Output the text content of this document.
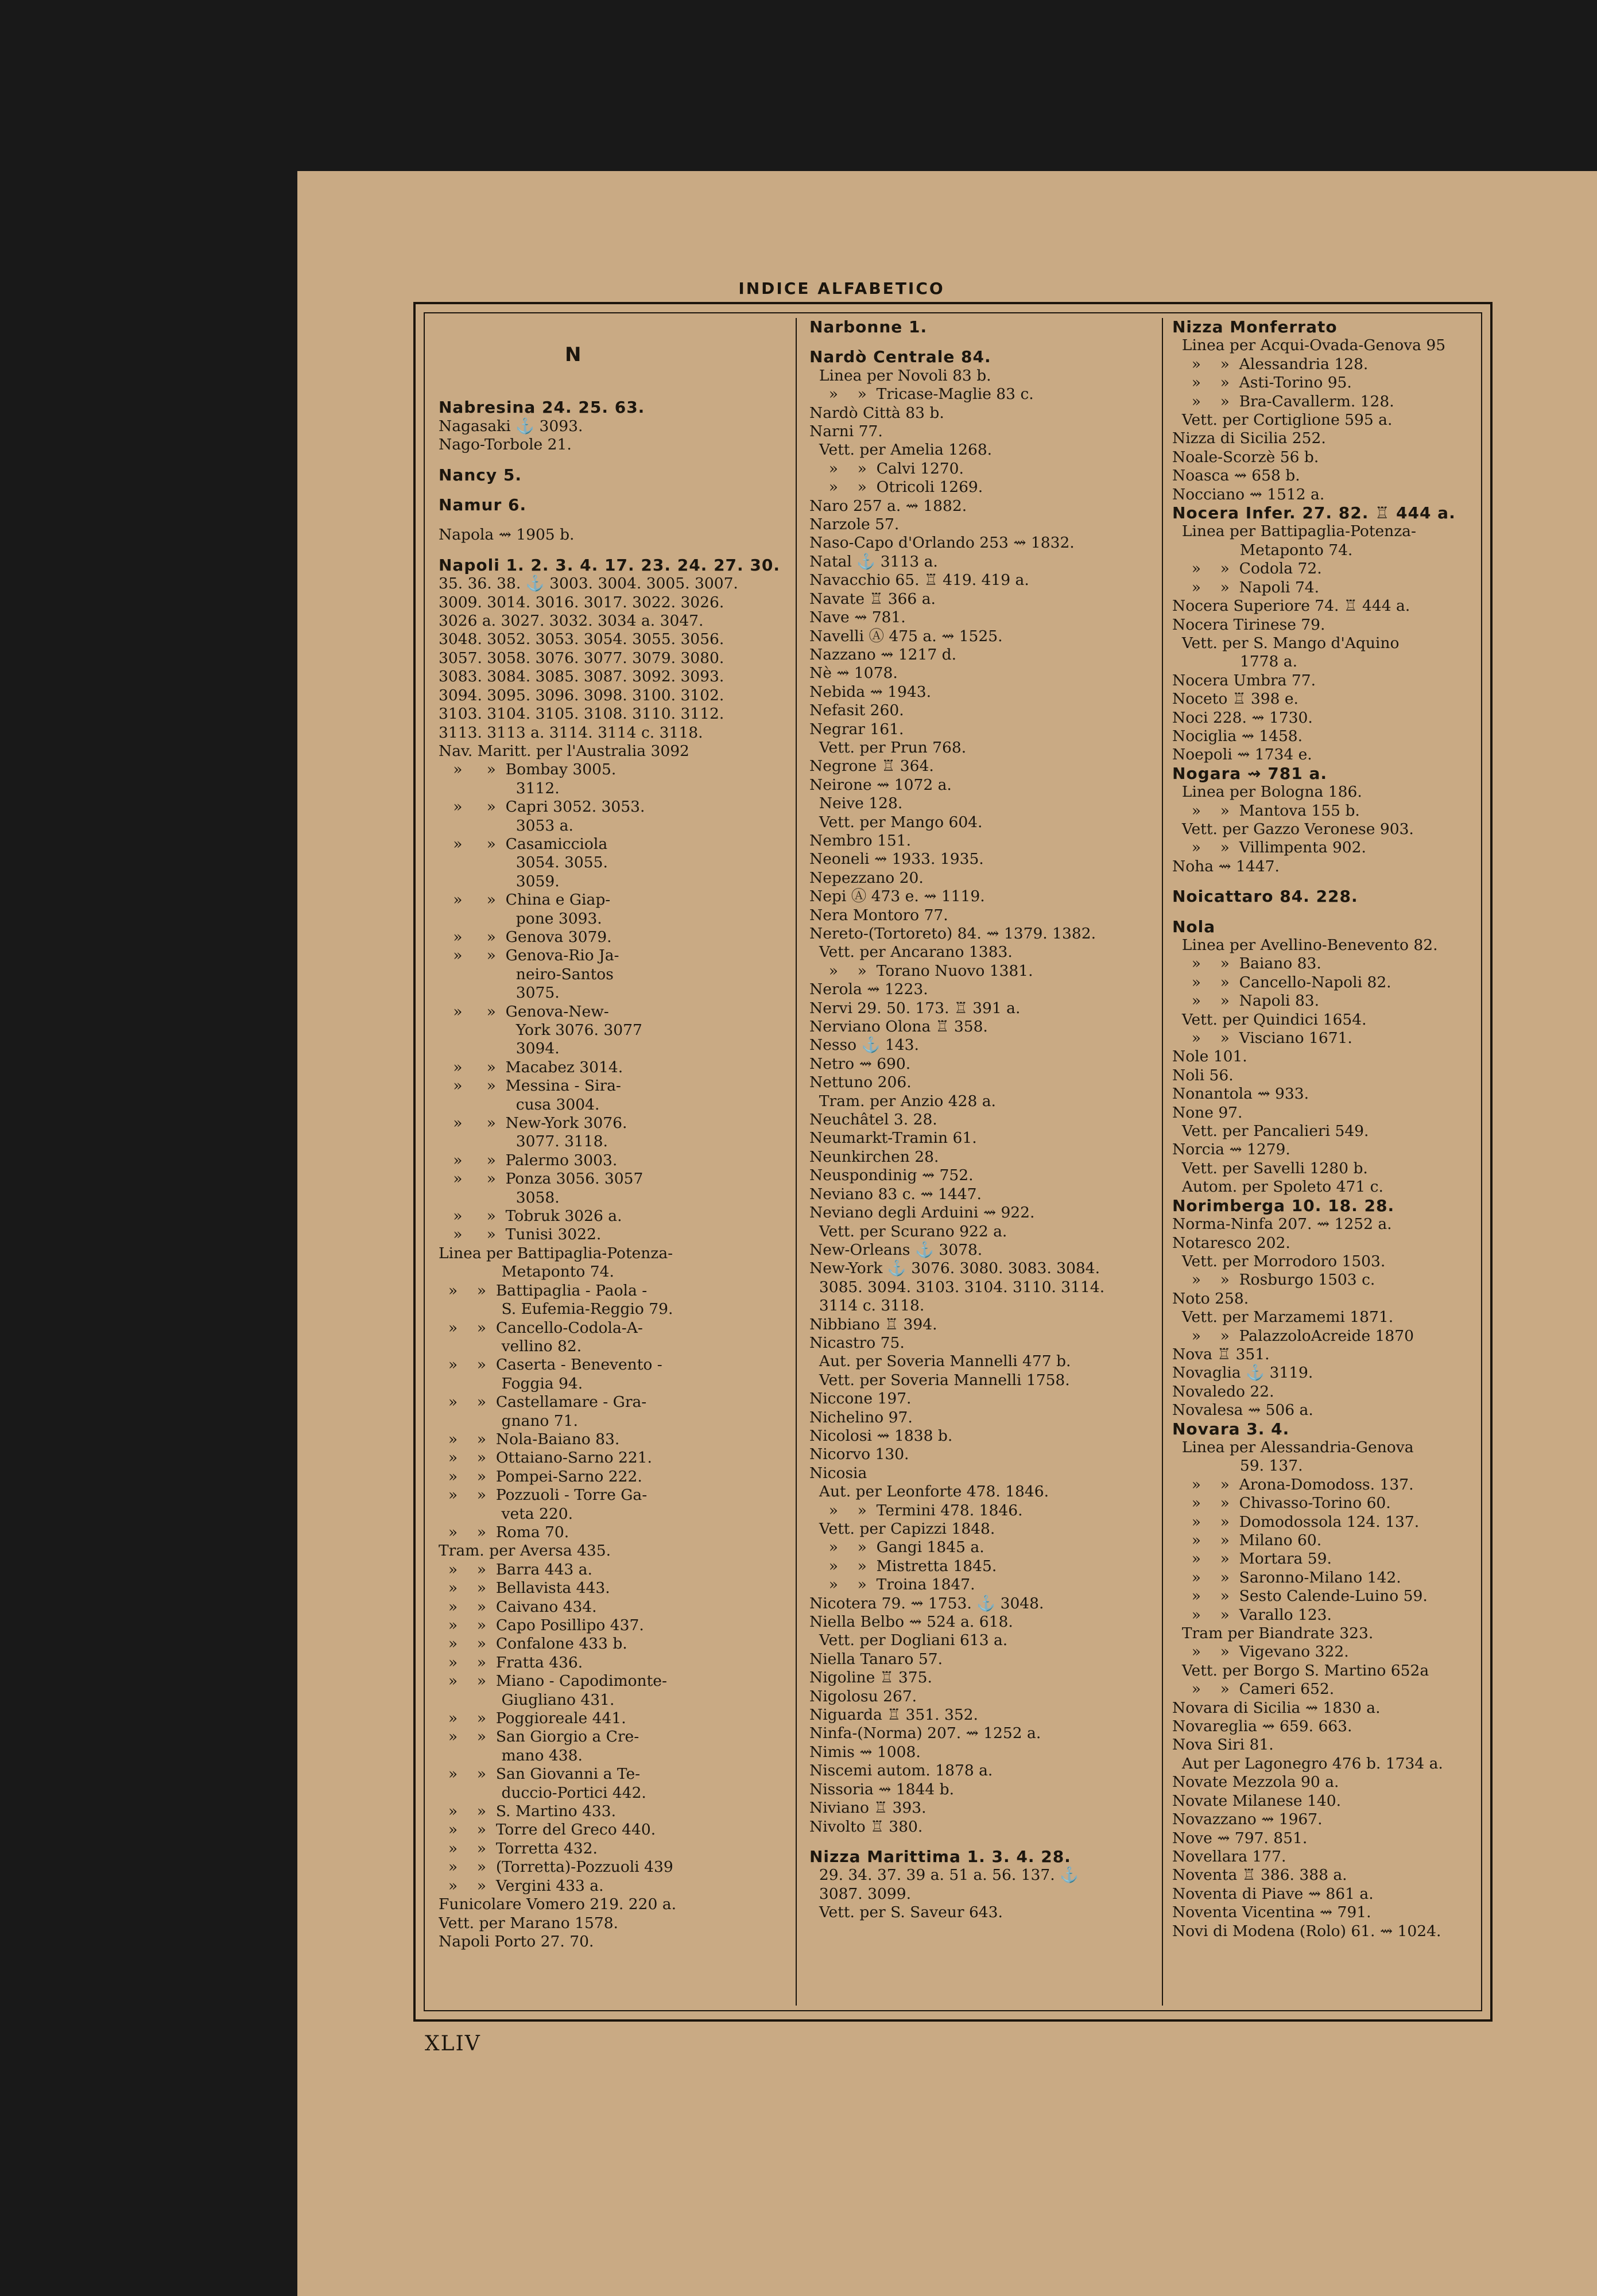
INDICE ALFABETICO
N
Nabresina 24. 25. 63.
Nagasaki ⚓ 3093.
Nago-Torbole 21.
Nancy 5.
Namur 6.
Napola ⇝ 1905 b.
Napoli 1. 2. 3. 4. 17. 23. 24. 27. 30.
35. 36. 38. ⚓ 3003. 3004. 3005. 3007.
3009. 3014. 3016. 3017. 3022. 3026.
3026 a. 3027. 3032. 3034 a. 3047.
3048. 3052. 3053. 3054. 3055. 3056.
3057. 3058. 3076. 3077. 3079. 3080.
3083. 3084. 3085. 3087. 3092. 3093.
3094. 3095. 3096. 3098. 3100. 3102.
3103. 3104. 3105. 3108. 3110. 3112.
3113. 3113 a. 3114. 3114 c. 3118.
Nav. Maritt. per l'Australia 3092
»     »  Bombay 3005.
3112.
»     »  Capri 3052. 3053.
3053 a.
»     »  Casamicciola
3054. 3055.
3059.
»     »  China e Giap-
pone 3093.
»     »  Genova 3079.
»     »  Genova-Rio Ja-
neiro-Santos
3075.
»     »  Genova-New-
York 3076. 3077
3094.
»     »  Macabez 3014.
»     »  Messina - Sira-
cusa 3004.
»     »  New-York 3076.
3077. 3118.
»     »  Palermo 3003.
»     »  Ponza 3056. 3057
3058.
»     »  Tobruk 3026 a.
»     »  Tunisi 3022.
Linea per Battipaglia-Potenza-
Metaponto 74.
»    »  Battipaglia - Paola -
S. Eufemia-Reggio 79.
»    »  Cancello-Codola-A-
vellino 82.
»    »  Caserta - Benevento -
Foggia 94.
»    »  Castellamare - Gra-
gnano 71.
»    »  Nola-Baiano 83.
»    »  Ottaiano-Sarno 221.
»    »  Pompei-Sarno 222.
»    »  Pozzuoli - Torre Ga-
veta 220.
»    »  Roma 70.
Tram. per Aversa 435.
»    »  Barra 443 a.
»    »  Bellavista 443.
»    »  Caivano 434.
»    »  Capo Posillipo 437.
»    »  Confalone 433 b.
»    »  Fratta 436.
»    »  Miano - Capodimonte-
Giugliano 431.
»    »  Poggioreale 441.
»    »  San Giorgio a Cre-
mano 438.
»    »  San Giovanni a Te-
duccio-Portici 442.
»    »  S. Martino 433.
»    »  Torre del Greco 440.
»    »  Torretta 432.
»    »  (Torretta)-Pozzuoli 439
»    »  Vergini 433 a.
Funicolare Vomero 219. 220 a.
Vett. per Marano 1578.
Napoli Porto 27. 70.
Narbonne 1.
Nardò Centrale 84.
Linea per Novoli 83 b.
»    »  Tricase-Maglie 83 c.
Nardò Città 83 b.
Narni 77.
Vett. per Amelia 1268.
»    »  Calvi 1270.
»    »  Otricoli 1269.
Naro 257 a. ⇝ 1882.
Narzole 57.
Naso-Capo d'Orlando 253 ⇝ 1832.
Natal ⚓ 3113 a.
Navacchio 65. ♖ 419. 419 a.
Navate ♖ 366 a.
Nave ⇝ 781.
Navelli Ⓐ 475 a. ⇝ 1525.
Nazzano ⇝ 1217 d.
Nè ⇝ 1078.
Nebida ⇝ 1943.
Nefasit 260.
Negrar 161.
Vett. per Prun 768.
Negrone ♖ 364.
Neirone ⇝ 1072 a.
Neive 128.
Vett. per Mango 604.
Nembro 151.
Neoneli ⇝ 1933. 1935.
Nepezzano 20.
Nepi Ⓐ 473 e. ⇝ 1119.
Nera Montoro 77.
Nereto-(Tortoreto) 84. ⇝ 1379. 1382.
Vett. per Ancarano 1383.
»    »  Torano Nuovo 1381.
Nerola ⇝ 1223.
Nervi 29. 50. 173. ♖ 391 a.
Nerviano Olona ♖ 358.
Nesso ⚓ 143.
Netro ⇝ 690.
Nettuno 206.
Tram. per Anzio 428 a.
Neuchâtel 3. 28.
Neumarkt-Tramin 61.
Neunkirchen 28.
Neuspondinig ⇝ 752.
Neviano 83 c. ⇝ 1447.
Neviano degli Arduini ⇝ 922.
Vett. per Scurano 922 a.
New-Orleans ⚓ 3078.
New-York ⚓ 3076. 3080. 3083. 3084.
3085. 3094. 3103. 3104. 3110. 3114.
3114 c. 3118.
Nibbiano ♖ 394.
Nicastro 75.
Aut. per Soveria Mannelli 477 b.
Vett. per Soveria Mannelli 1758.
Niccone 197.
Nichelino 97.
Nicolosi ⇝ 1838 b.
Nicorvo 130.
Nicosia
Aut. per Leonforte 478. 1846.
»    »  Termini 478. 1846.
Vett. per Capizzi 1848.
»    »  Gangi 1845 a.
»    »  Mistretta 1845.
»    »  Troina 1847.
Nicotera 79. ⇝ 1753. ⚓ 3048.
Niella Belbo ⇝ 524 a. 618.
Vett. per Dogliani 613 a.
Niella Tanaro 57.
Nigoline ♖ 375.
Nigolosu 267.
Niguarda ♖ 351. 352.
Ninfa-(Norma) 207. ⇝ 1252 a.
Nimis ⇝ 1008.
Niscemi autom. 1878 a.
Nissoria ⇝ 1844 b.
Niviano ♖ 393.
Nivolto ♖ 380.
Nizza Marittima 1. 3. 4. 28.
29. 34. 37. 39 a. 51 a. 56. 137. ⚓
3087. 3099.
Vett. per S. Saveur 643.
Nizza Monferrato
Linea per Acqui-Ovada-Genova 95
»    »  Alessandria 128.
»    »  Asti-Torino 95.
»    »  Bra-Cavallerm. 128.
Vett. per Cortiglione 595 a.
Nizza di Sicilia 252.
Noale-Scorzè 56 b.
Noasca ⇝ 658 b.
Nocciano ⇝ 1512 a.
Nocera Infer. 27. 82. ♖ 444 a.
Linea per Battipaglia-Potenza-
Metaponto 74.
»    »  Codola 72.
»    »  Napoli 74.
Nocera Superiore 74. ♖ 444 a.
Nocera Tirinese 79.
Vett. per S. Mango d'Aquino
1778 a.
Nocera Umbra 77.
Noceto ♖ 398 e.
Noci 228. ⇝ 1730.
Nociglia ⇝ 1458.
Noepoli ⇝ 1734 e.
Nogara ⇝ 781 a.
Linea per Bologna 186.
»    »  Mantova 155 b.
Vett. per Gazzo Veronese 903.
»    »  Villimpenta 902.
Noha ⇝ 1447.
Noicattaro 84. 228.
Nola
Linea per Avellino-Benevento 82.
»    »  Baiano 83.
»    »  Cancello-Napoli 82.
»    »  Napoli 83.
Vett. per Quindici 1654.
»    »  Visciano 1671.
Nole 101.
Noli 56.
Nonantola ⇝ 933.
None 97.
Vett. per Pancalieri 549.
Norcia ⇝ 1279.
Vett. per Savelli 1280 b.
Autom. per Spoleto 471 c.
Norimberga 10. 18. 28.
Norma-Ninfa 207. ⇝ 1252 a.
Notaresco 202.
Vett. per Morrodoro 1503.
»    »  Rosburgo 1503 c.
Noto 258.
Vett. per Marzamemi 1871.
»    »  PalazzoloAcreide 1870
Nova ♖ 351.
Novaglia ⚓ 3119.
Novaledo 22.
Novalesa ⇝ 506 a.
Novara 3. 4.
Linea per Alessandria-Genova
59. 137.
»    »  Arona-Domodoss. 137.
»    »  Chivasso-Torino 60.
»    »  Domodossola 124. 137.
»    »  Milano 60.
»    »  Mortara 59.
»    »  Saronno-Milano 142.
»    »  Sesto Calende-Luino 59.
»    »  Varallo 123.
Tram per Biandrate 323.
»    »  Vigevano 322.
Vett. per Borgo S. Martino 652a
»    »  Cameri 652.
Novara di Sicilia ⇝ 1830 a.
Novareglia ⇝ 659. 663.
Nova Siri 81.
Aut per Lagonegro 476 b. 1734 a.
Novate Mezzola 90 a.
Novate Milanese 140.
Novazzano ⇝ 1967.
Nove ⇝ 797. 851.
Novellara 177.
Noventa ♖ 386. 388 a.
Noventa di Piave ⇝ 861 a.
Noventa Vicentina ⇝ 791.
Novi di Modena (Rolo) 61. ⇝ 1024.
XLIV
